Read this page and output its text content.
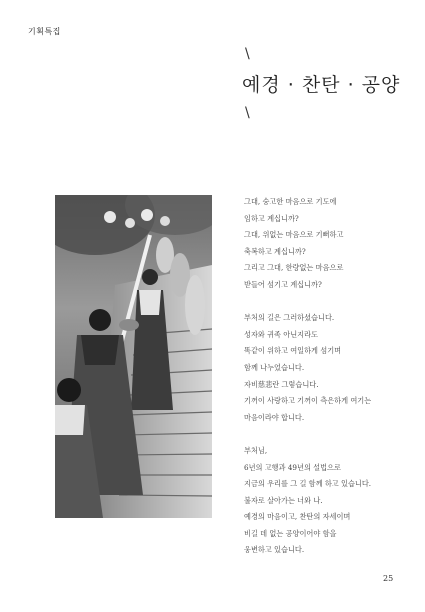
기획특집
\
예경 · 찬탄 · 공양
\
그대, 숭고한 마음으로 기도에
임하고 계십니까?
그대, 위없는 마음으로 기뻐하고
축복하고 계십니까?
그리고 그대, 한량없는 마음으로
받들어 섬기고 계십니까?
부처의 길은 그러하셨습니다.
성자와 귀족 아닌지라도
똑같이 위하고 여일하게 섬기며
함께 나누었습니다.
자비慈悲란 그렇습니다.
기꺼이 사랑하고 기꺼이 측은하게 여기는
마음이라야 합니다.
부처님,
6년의 고행과 49년의 설법으로
지금의 우리를 그 길 함께 하고 있습니다.
불자로 살아가는 너와 나.
예경의 마음이고, 찬탄의 자세이며
비길 데 없는 공양이어야 함을
웅변하고 있습니다.
25
